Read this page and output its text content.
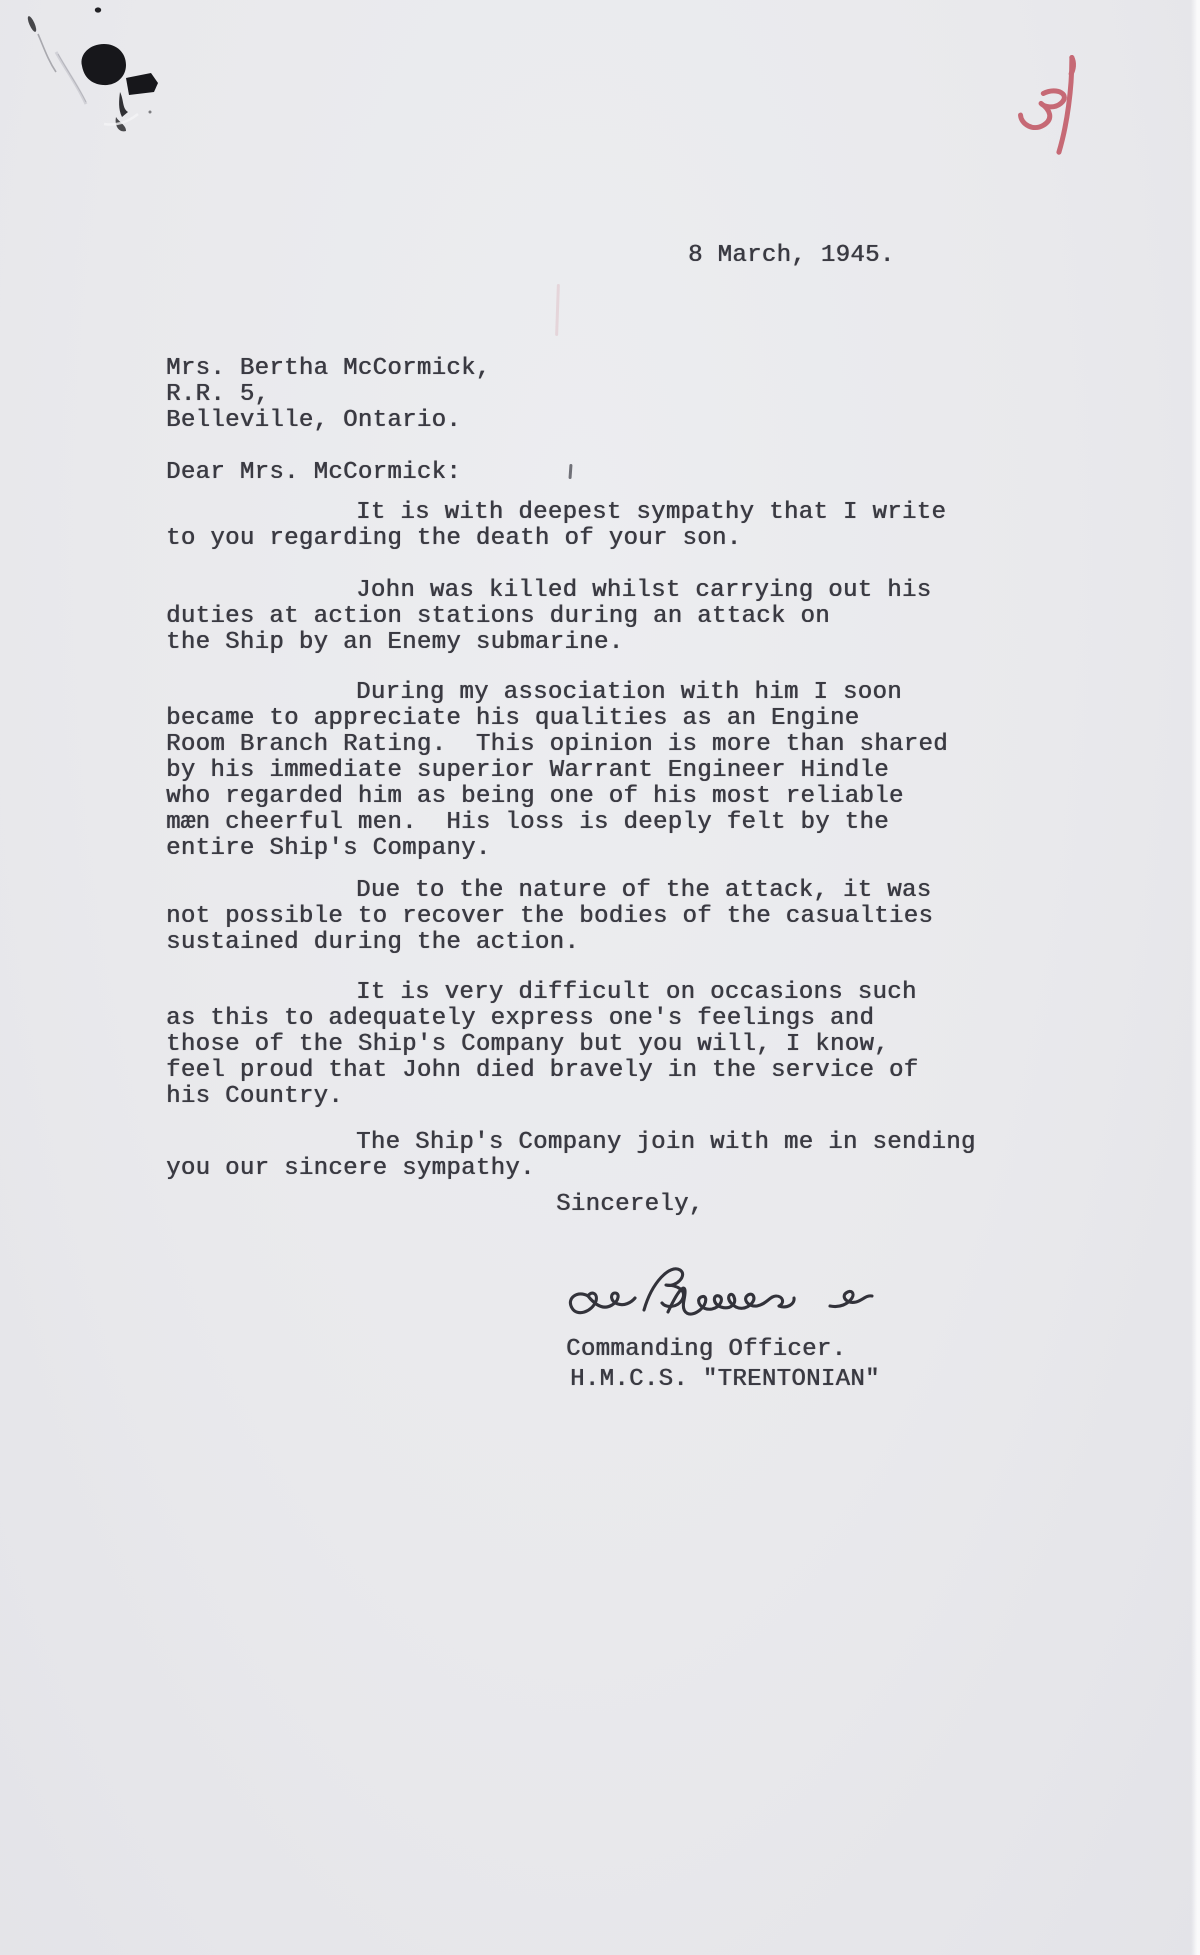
8 March, 1945.
Mrs. Bertha McCormick,
R.R. 5,
Belleville, Ontario.
Dear Mrs. McCormick:
It is with deepest sympathy that I write
to you regarding the death of your son.
John was killed whilst carrying out his
duties at action stations during an attack on
the Ship by an Enemy submarine.
During my association with him I soon
became to appreciate his qualities as an Engine
Room Branch Rating.  This opinion is more than shared
by his immediate superior Warrant Engineer Hindle
who regarded him as being one of his most reliable
mæn cheerful men.  His loss is deeply felt by the
entire Ship's Company.
Due to the nature of the attack, it was
not possible to recover the bodies of the casualties
sustained during the action.
It is very difficult on occasions such
as this to adequately express one's feelings and
those of the Ship's Company but you will, I know,
feel proud that John died bravely in the service of
his Country.
The Ship's Company join with me in sending
you our sincere sympathy.
Sincerely,
Commanding Officer.
H.M.C.S. "TRENTONIAN"
